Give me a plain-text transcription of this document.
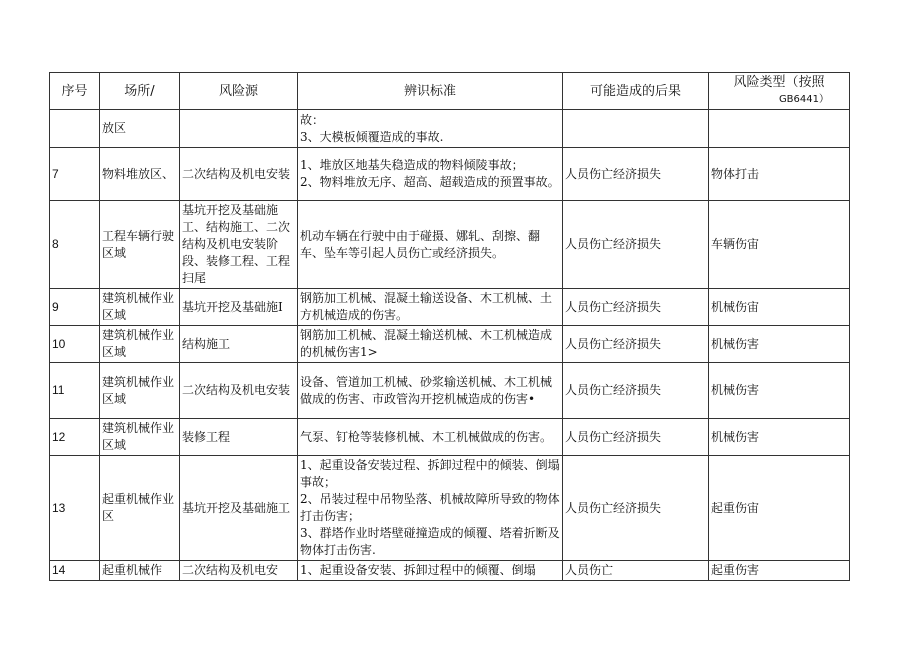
序号	场所/	风险源	辨识标准	可能造成的后果	风险类型（按照
GB6441）

	放区		故：
3、大模板倾覆造成的事故.		

7	物料堆放区、	二次结构及机电安装	1、堆放区地基失稳造成的物料倾陵事故；
2、物料堆放无序、超高、超载造成的预置事故。	人员伤亡经济损失	物体打击
8	工程车辆行驶区域	基坑开挖及基础施工、结构施工、二次结构及机电安装阶段、装修工程、工程扫尾	机动车辆在行驶中由于碰摄、娜轧、刮擦、翻车、坠车等引起人员伤亡或经济损失。	人员伤亡经济损失	车辆伤宙
9	建筑机械作业区域	基坑开挖及基础施I	钢筋加工机械、混凝土输送设备、木工机械、土方机械造成的伤害。	人员伤亡经济损失	机械伤宙
10	建筑机械作业区域	结构施工	钢筋加工机械、混凝土输送机械、木工机械造成的机械伤害1>	人员伤亡经济损失	机械伤害
11	建筑机械作业区域	二次结构及机电安装	设备、管道加工机械、砂浆输送机械、木工机械做成的伤害、市政管沟开挖机械造成的伤害•	人员伤亡经济损失	机械伤害
12	建筑机械作业区域	装修工程	气泵、钉枪等装修机械、木工机械做成的伤害。	人员伤亡经济损失	机械伤害
13	起重机械作业区	基坑开挖及基础施工	1、起重设备安装过程、拆卸过程中的倾装、倒塌事故；
2、吊装过程中吊物坠落、机械故障所导致的物体打击伤害；
3、群塔作业时塔壁碰撞造成的倾覆、塔着折断及物体打击伤害.	人员伤亡经济损失	起重伤宙
14	起重机械作	二次结构及机电安	1、起重设备安装、拆卸过程中的倾覆、倒塌	人员伤亡	起重伤害
